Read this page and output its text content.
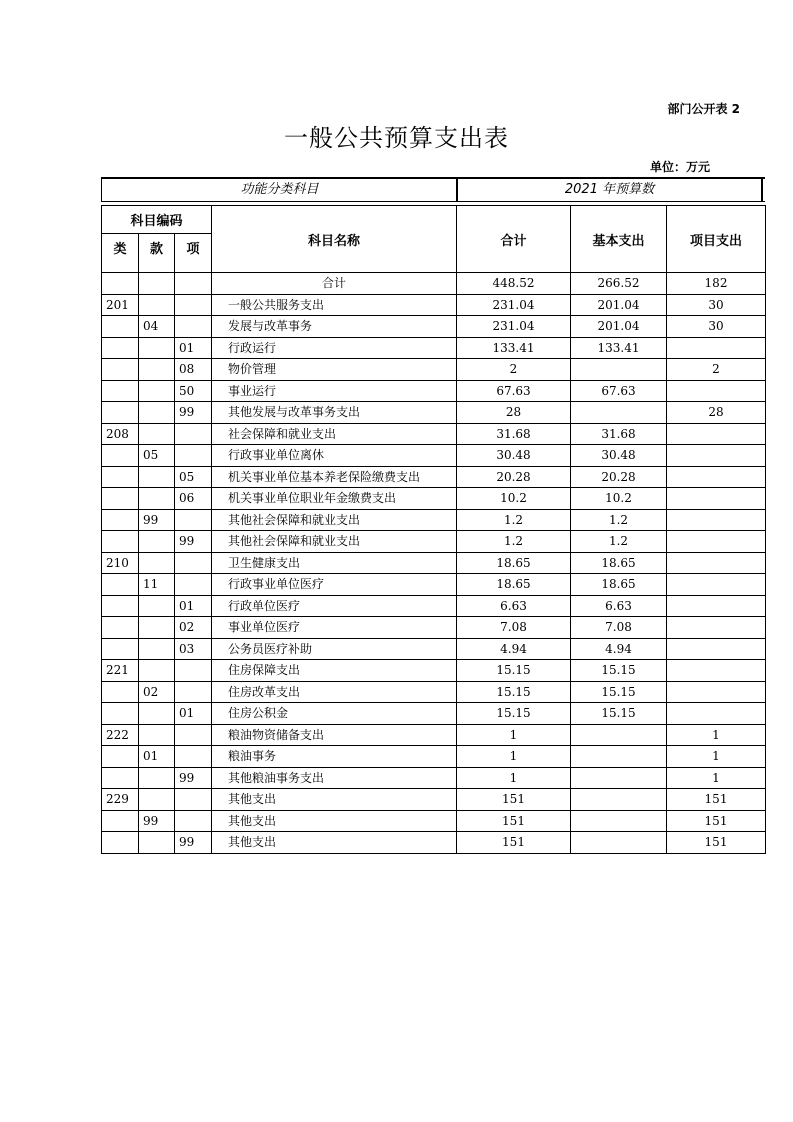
部门公开表 2
一般公共预算支出表
单位：万元
功能分类科目	2021 年预算数
科目编码			科目名称	合计	基本支出	项目支出
类	款	项				
			合计	448.52	266.52	182
201			一般公共服务支出	231.04	201.04	30
	04		发展与改革事务	231.04	201.04	30
		01	行政运行	133.41	133.41	
		08	物价管理	2		2
		50	事业运行	67.63	67.63	
		99	其他发展与改革事务支出	28		28
208			社会保障和就业支出	31.68	31.68	
	05		行政事业单位离休	30.48	30.48	
		05	机关事业单位基本养老保险缴费支出	20.28	20.28	
		06	机关事业单位职业年金缴费支出	10.2	10.2	
	99		其他社会保障和就业支出	1.2	1.2	
		99	其他社会保障和就业支出	1.2	1.2	
210			卫生健康支出	18.65	18.65	
	11		行政事业单位医疗	18.65	18.65	
		01	行政单位医疗	6.63	6.63	
		02	事业单位医疗	7.08	7.08	
		03	公务员医疗补助	4.94	4.94	
221			住房保障支出	15.15	15.15	
	02		住房改革支出	15.15	15.15	
		01	住房公积金	15.15	15.15	
222			粮油物资储备支出	1		1
	01		粮油事务	1		1
		99	其他粮油事务支出	1		1
229			其他支出	151		151
	99		其他支出	151		151
		99	其他支出	151		151
